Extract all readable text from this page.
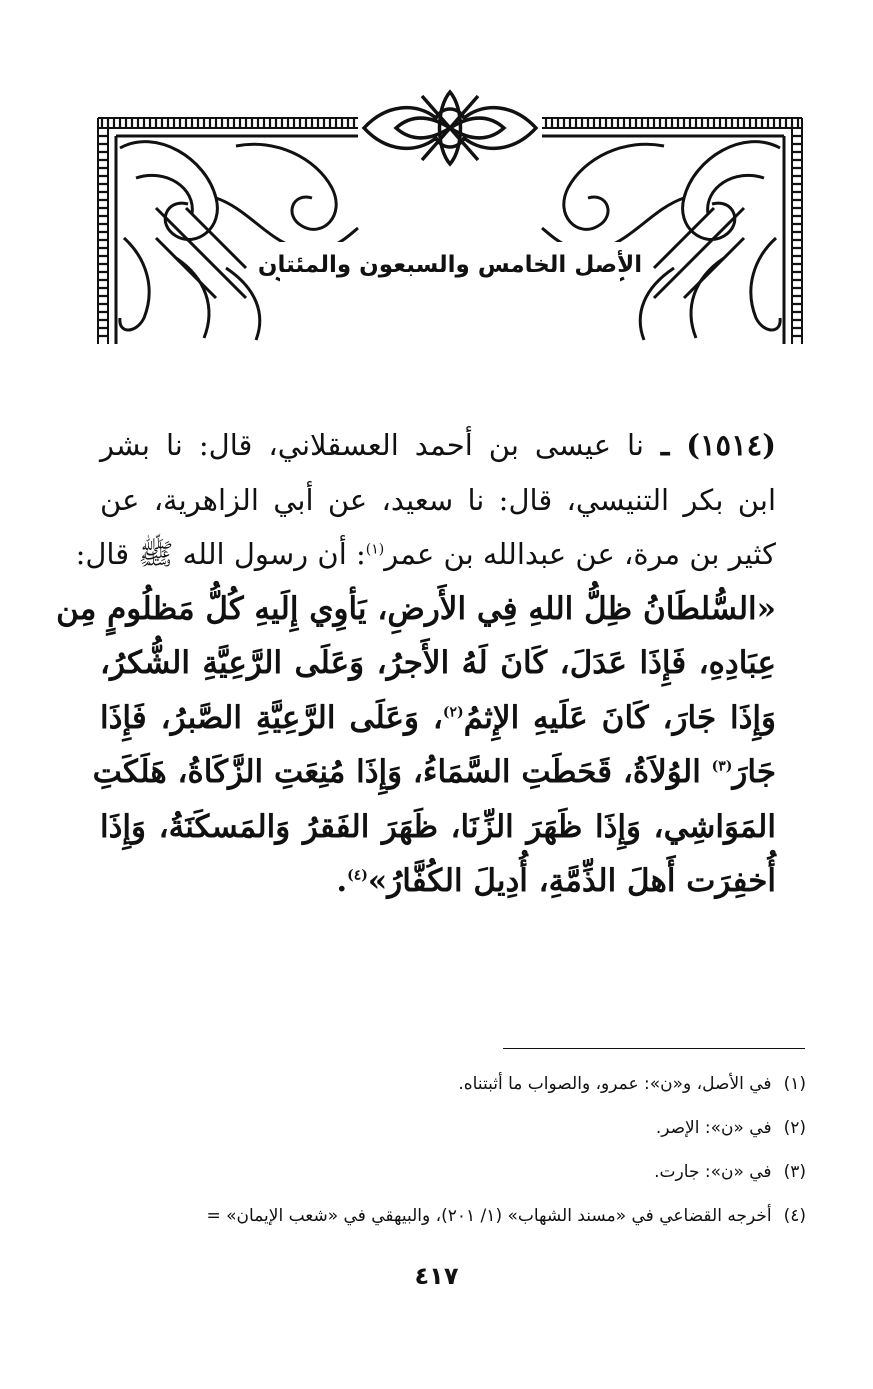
الأصل الخامس والسبعون والمئتان
(١٥١٤) ـ نا عيسى بن أحمد العسقلاني، قال: نا بشر
ابن بكر التنيسي، قال: نا سعيد، عن أبي الزاهرية، عن
كثير بن مرة، عن عبدالله بن عمر$^{(١)}$: أن رسول الله ﷺ قال:
«السُّلطَانُ ظِلُّ اللهِ فِي الأَرضِ، يَأوِي إِلَيهِ كُلُّ مَظلُومٍ مِن
عِبَادِهِ، فَإِذَا عَدَلَ، كَانَ لَهُ الأَجرُ، وَعَلَى الرَّعِيَّةِ الشُّكرُ،
وَإِذَا جَارَ، كَانَ عَلَيهِ الإِثمُ$^{(٢)}$، وَعَلَى الرَّعِيَّةِ الصَّبرُ، فَإِذَا
جَارَ$^{(٣)}$ الوُلاَةُ، قَحَطَتِ السَّمَاءُ، وَإِذَا مُنِعَتِ الزَّكَاةُ، هَلَكَتِ
المَوَاشِي، وَإِذَا ظَهَرَ الزِّنَا، ظَهَرَ الفَقرُ وَالمَسكَنَةُ، وَإِذَا
أُخفِرَت أَهلَ الذِّمَّةِ، أُدِيلَ الكُفَّارُ»$^{(٤)}$.
(١)في الأصل، و«ن»: عمرو، والصواب ما أثبتناه.
(٢)في «ن»: الإصر.
(٣)في «ن»: جارت.
(٤)أخرجه القضاعي في «مسند الشهاب» (١/ ٢٠١)، والبيهقي في «شعب الإيمان» =
٤١٧
